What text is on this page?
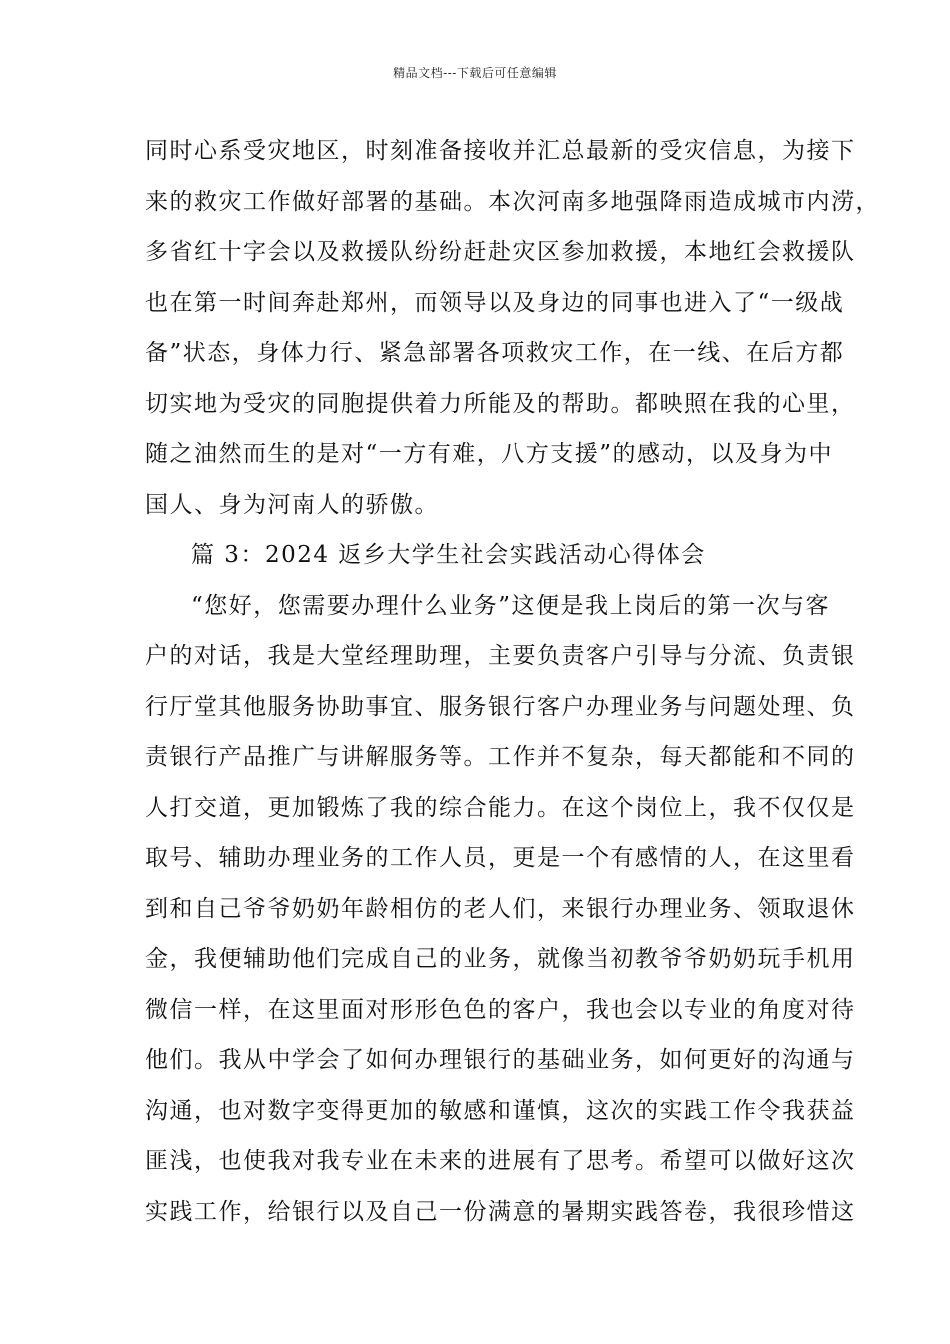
精品文档---下载后可任意编辑
同时心系受灾地区，时刻准备接收并汇总最新的受灾信息，为接下
来的救灾工作做好部署的基础。本次河南多地强降雨造成城市内涝，
多省红十字会以及救援队纷纷赶赴灾区参加救援，本地红会救援队
也在第一时间奔赴郑州，而领导以及身边的同事也进入了“一级战
备”状态，身体力行、紧急部署各项救灾工作，在一线、在后方都
切实地为受灾的同胞提供着力所能及的帮助。都映照在我的心里，
随之油然而生的是对“一方有难，八方支援”的感动，以及身为中
国人、身为河南人的骄傲。
篇 3：2024 返乡大学生社会实践活动心得体会
“您好，您需要办理什么业务”这便是我上岗后的第一次与客
户的对话，我是大堂经理助理，主要负责客户引导与分流、负责银
行厅堂其他服务协助事宜、服务银行客户办理业务与问题处理、负
责银行产品推广与讲解服务等。工作并不复杂，每天都能和不同的
人打交道，更加锻炼了我的综合能力。在这个岗位上，我不仅仅是
取号、辅助办理业务的工作人员，更是一个有感情的人，在这里看
到和自己爷爷奶奶年龄相仿的老人们，来银行办理业务、领取退休
金，我便辅助他们完成自己的业务，就像当初教爷爷奶奶玩手机用
微信一样，在这里面对形形色色的客户，我也会以专业的角度对待
他们。我从中学会了如何办理银行的基础业务，如何更好的沟通与
沟通，也对数字变得更加的敏感和谨慎，这次的实践工作令我获益
匪浅，也使我对我专业在未来的进展有了思考。希望可以做好这次
实践工作，给银行以及自己一份满意的暑期实践答卷，我很珍惜这
